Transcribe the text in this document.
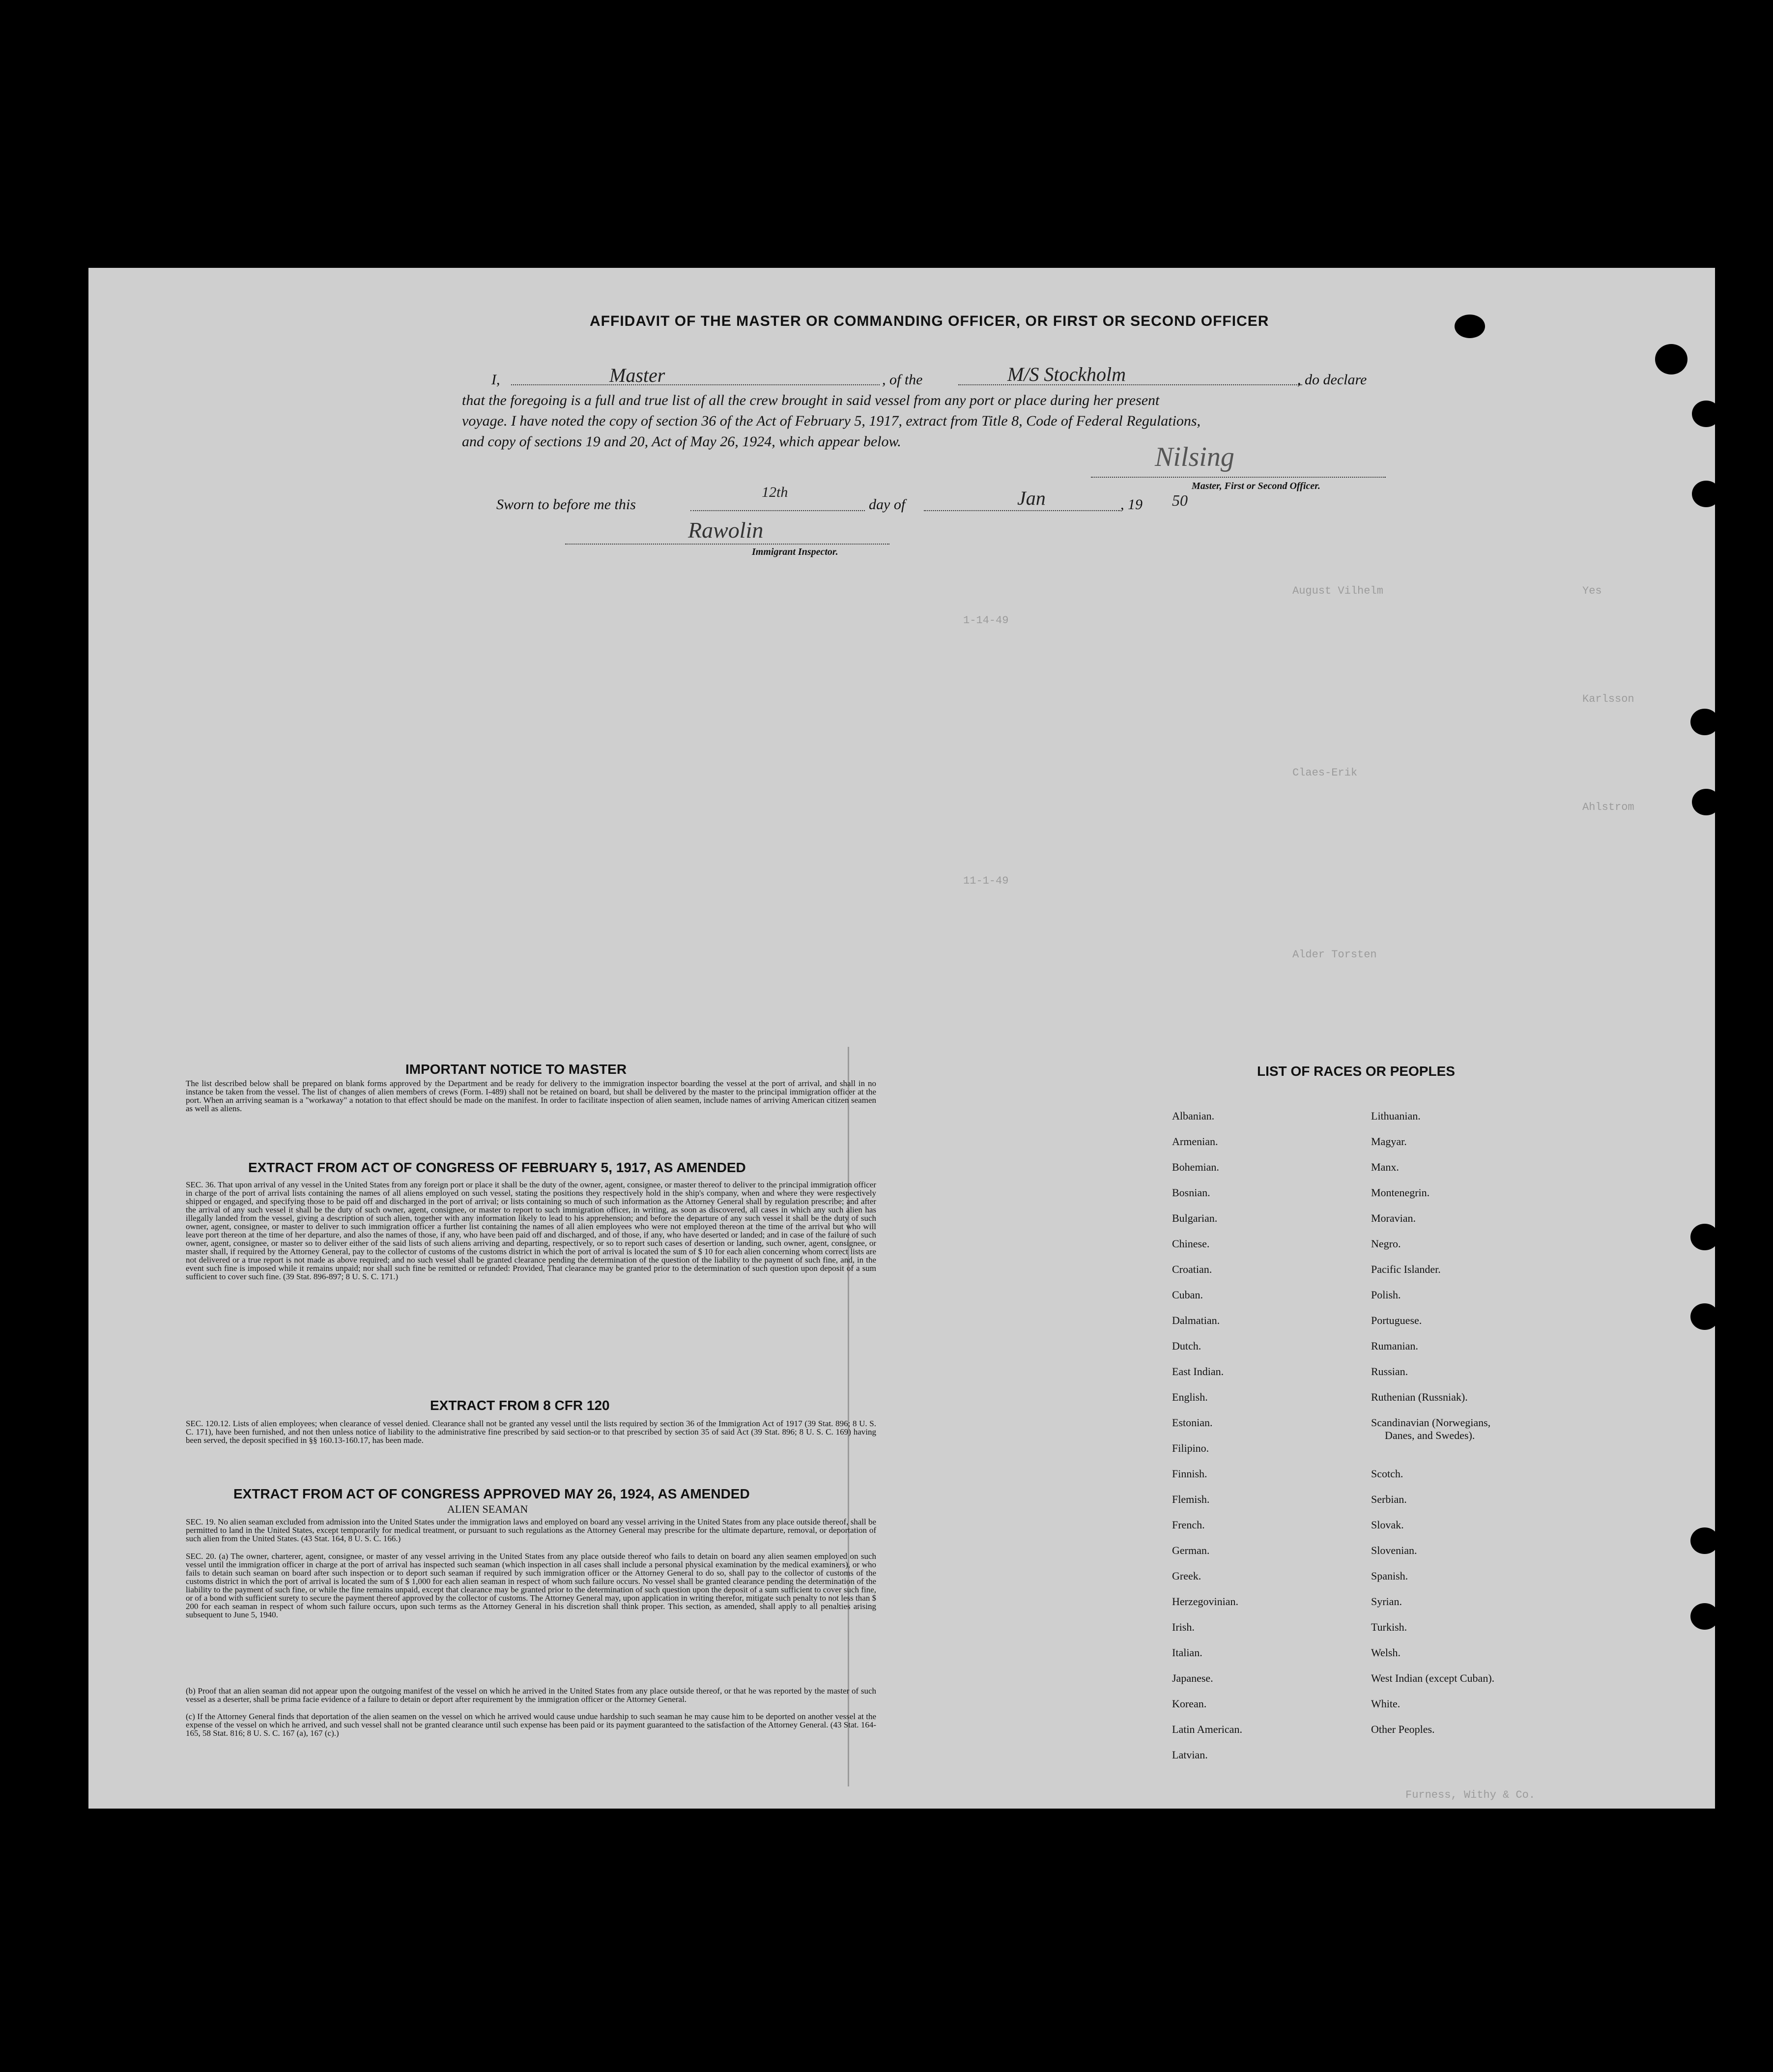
Yes
Karlsson
Ahlstrom
August Vilhelm
Claes-Erik
Alder Torsten
1-14-49
11-1-49
Furness, Withy & Co.
AFFIDAVIT OF THE MASTER OR COMMANDING OFFICER, OR FIRST OR SECOND OFFICER
I,	Master	, of the	M/S Stockholm	, do declare
that the foregoing is a full and true list of all the crew brought in said vessel from any port or place during her present
voyage. I have noted the copy of section 36 of the Act of February 5, 1917, extract from Title 8, Code of Federal Regulations,
and copy of sections 19 and 20, Act of May 26, 1924, which appear below.
Nilsing
Master, First or Second Officer.
Sworn to before me this
12th
day of	Jan	, 19 50
Rawolin
Immigrant Inspector.
IMPORTANT NOTICE TO MASTER
The list described below shall be prepared on blank forms approved by the Department and be ready for delivery to the immigration inspector boarding the vessel at the port of arrival, and shall in no instance be taken from the vessel. The list of changes of alien members of crews (Form. I-489) shall not be retained on board, but shall be delivered by the master to the principal immigration officer at the port. When an arriving seaman is a "workaway" a notation to that effect should be made on the manifest. In order to facilitate inspection of alien seamen, include names of arriving American citizen seamen as well as aliens.
EXTRACT FROM ACT OF CONGRESS OF FEBRUARY 5, 1917, AS AMENDED
SEC. 36. That upon arrival of any vessel in the United States from any foreign port or place it shall be the duty of the owner, agent, consignee, or master thereof to deliver to the principal immigration officer in charge of the port of arrival lists containing the names of all aliens employed on such vessel, stating the positions they respectively hold in the ship's company, when and where they were respectively shipped or engaged, and specifying those to be paid off and discharged in the port of arrival; or lists containing so much of such information as the Attorney General shall by regulation prescribe; and after the arrival of any such vessel it shall be the duty of such owner, agent, consignee, or master to report to such immigration officer, in writing, as soon as discovered, all cases in which any such alien has illegally landed from the vessel, giving a description of such alien, together with any information likely to lead to his apprehension; and before the departure of any such vessel it shall be the duty of such owner, agent, consignee, or master to deliver to such immigration officer a further list containing the names of all alien employees who were not employed thereon at the time of the arrival but who will leave port thereon at the time of her departure, and also the names of those, if any, who have been paid off and discharged, and of those, if any, who have deserted or landed; and in case of the failure of such owner, agent, consignee, or master so to deliver either of the said lists of such aliens arriving and departing, respectively, or so to report such cases of desertion or landing, such owner, agent, consignee, or master shall, if required by the Attorney General, pay to the collector of customs of the customs district in which the port of arrival is located the sum of $ 10 for each alien concerning whom correct lists are not delivered or a true report is not made as above required; and no such vessel shall be granted clearance pending the determination of the question of the liability to the payment of such fine, and, in the event such fine is imposed while it remains unpaid; nor shall such fine be remitted or refunded: Provided, That clearance may be granted prior to the determination of such question upon deposit of a sum sufficient to cover such fine. (39 Stat. 896-897; 8 U. S. C. 171.)
EXTRACT FROM 8 CFR 120
SEC. 120.12. Lists of alien employees; when clearance of vessel denied. Clearance shall not be granted any vessel until the lists required by section 36 of the Immigration Act of 1917 (39 Stat. 896; 8 U. S. C. 171), have been furnished, and not then unless notice of liability to the administrative fine prescribed by said section-or to that prescribed by section 35 of said Act (39 Stat. 896; 8 U. S. C. 169) having been served, the deposit specified in §§ 160.13-160.17, has been made.
EXTRACT FROM ACT OF CONGRESS APPROVED MAY 26, 1924, AS AMENDED
ALIEN SEAMAN
SEC. 19. No alien seaman excluded from admission into the United States under the immigration laws and employed on board any vessel arriving in the United States from any place outside thereof, shall be permitted to land in the United States, except temporarily for medical treatment, or pursuant to such regulations as the Attorney General may prescribe for the ultimate departure, removal, or deportation of such alien from the United States. (43 Stat. 164, 8 U. S. C. 166.)
SEC. 20. (a) The owner, charterer, agent, consignee, or master of any vessel arriving in the United States from any place outside thereof who fails to detain on board any alien seamen employed on such vessel until the immigration officer in charge at the port of arrival has inspected such seaman (which inspection in all cases shall include a personal physical examination by the medical examiners), or who fails to detain such seaman on board after such inspection or to deport such seaman if required by such immigration officer or the Attorney General to do so, shall pay to the collector of customs of the customs district in which the port of arrival is located the sum of $ 1,000 for each alien seaman in respect of whom such failure occurs. No vessel shall be granted clearance pending the determination of the liability to the payment of such fine, or while the fine remains unpaid, except that clearance may be granted prior to the determination of such question upon the deposit of a sum sufficient to cover such fine, or of a bond with sufficient surety to secure the payment thereof approved by the collector of customs. The Attorney General may, upon application in writing therefor, mitigate such penalty to not less than $ 200 for each seaman in respect of whom such failure occurs, upon such terms as the Attorney General in his discretion shall think proper. This section, as amended, shall apply to all penalties arising subsequent to June 5, 1940.
(b) Proof that an alien seaman did not appear upon the outgoing manifest of the vessel on which he arrived in the United States from any place outside thereof, or that he was reported by the master of such vessel as a deserter, shall be prima facie evidence of a failure to detain or deport after requirement by the immigration officer or the Attorney General.
(c) If the Attorney General finds that deportation of the alien seamen on the vessel on which he arrived would cause undue hardship to such seaman he may cause him to be deported on another vessel at the expense of the vessel on which he arrived, and such vessel shall not be granted clearance until such expense has been paid or its payment guaranteed to the satisfaction of the Attorney General. (43 Stat. 164-165, 58 Stat. 816; 8 U. S. C. 167 (a), 167 (c).)
LIST OF RACES OR PEOPLES
Albanian.
Armenian.
Bohemian.
Bosnian.
Bulgarian.
Chinese.
Croatian.
Cuban.
Dalmatian.
Dutch.
East Indian.
English.
Estonian.
Filipino.
Finnish.
Flemish.
French.
German.
Greek.
Herzegovinian.
Irish.
Italian.
Japanese.
Korean.
Latin American.
Latvian.
Lithuanian.
Magyar.
Manx.
Montenegrin.
Moravian.
Negro.
Pacific Islander.
Polish.
Portuguese.
Rumanian.
Russian.
Ruthenian (Russniak).
Scandinavian (Norwegians,
Danes, and Swedes).
Scotch.
Serbian.
Slovak.
Slovenian.
Spanish.
Syrian.
Turkish.
Welsh.
West Indian (except Cuban).
White.
Other Peoples.
